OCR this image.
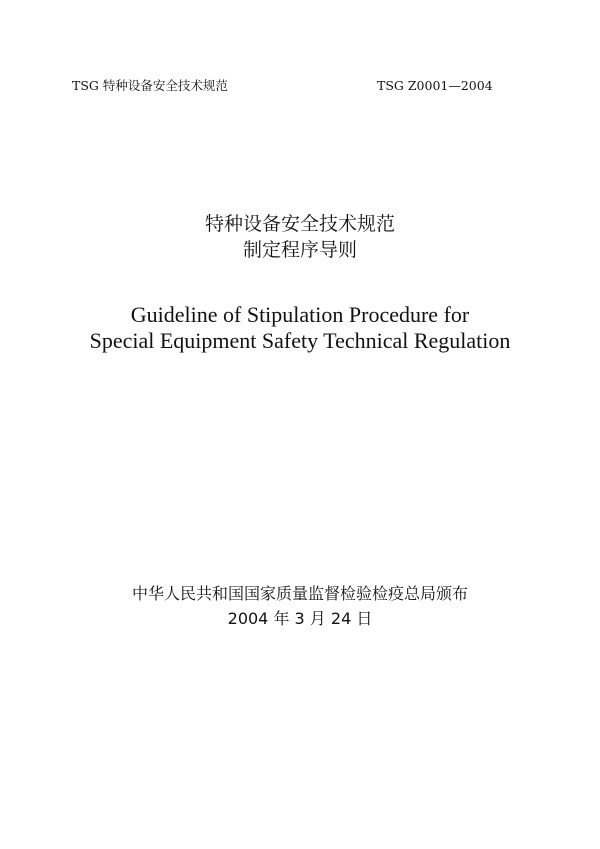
TSG 特种设备安全技术规范	TSG Z0001—2004
特种设备安全技术规范
制定程序导则
Guideline of Stipulation Procedure for
Special Equipment Safety Technical Regulation
中华人民共和国国家质量监督检验检疫总局颁布
2004 年 3 月 24 日
